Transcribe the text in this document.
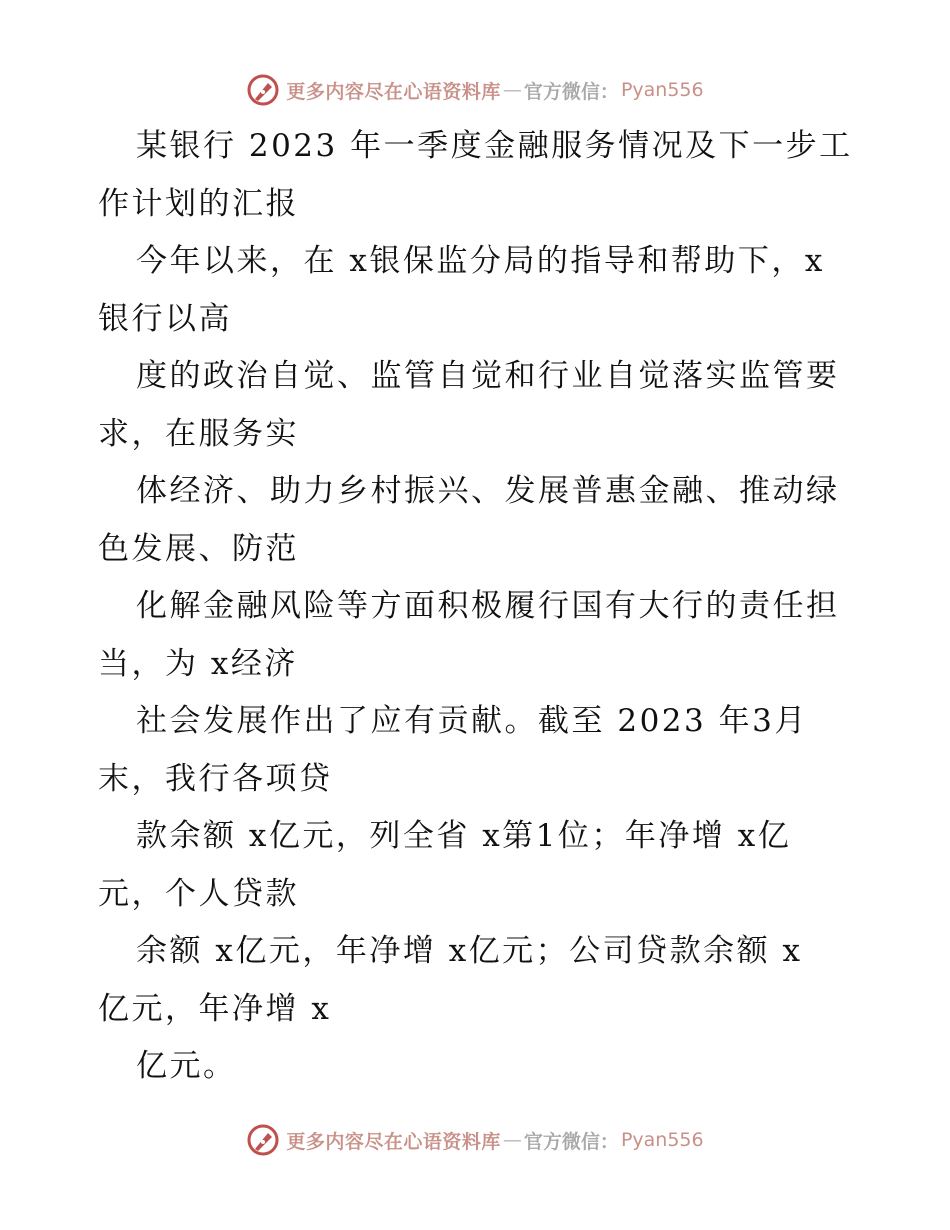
更多内容尽在心语资料库 — 官方微信： Pyan556
某银行 2023 年一季度金融服务情况及下一步工
作计划的汇报
今年以来，在 x银保监分局的指导和帮助下，x
银行以高
度的政治自觉、监管自觉和行业自觉落实监管要
求，在服务实
体经济、助力乡村振兴、发展普惠金融、推动绿
色发展、防范
化解金融风险等方面积极履行国有大行的责任担
当，为 x经济
社会发展作出了应有贡献。截至 2023 年3月
末，我行各项贷
款余额 x亿元，列全省 x第1位；年净增 x亿
元，个人贷款
余额 x亿元，年净增 x亿元；公司贷款余额 x
亿元，年净增 x
亿元。
更多内容尽在心语资料库 — 官方微信： Pyan556
